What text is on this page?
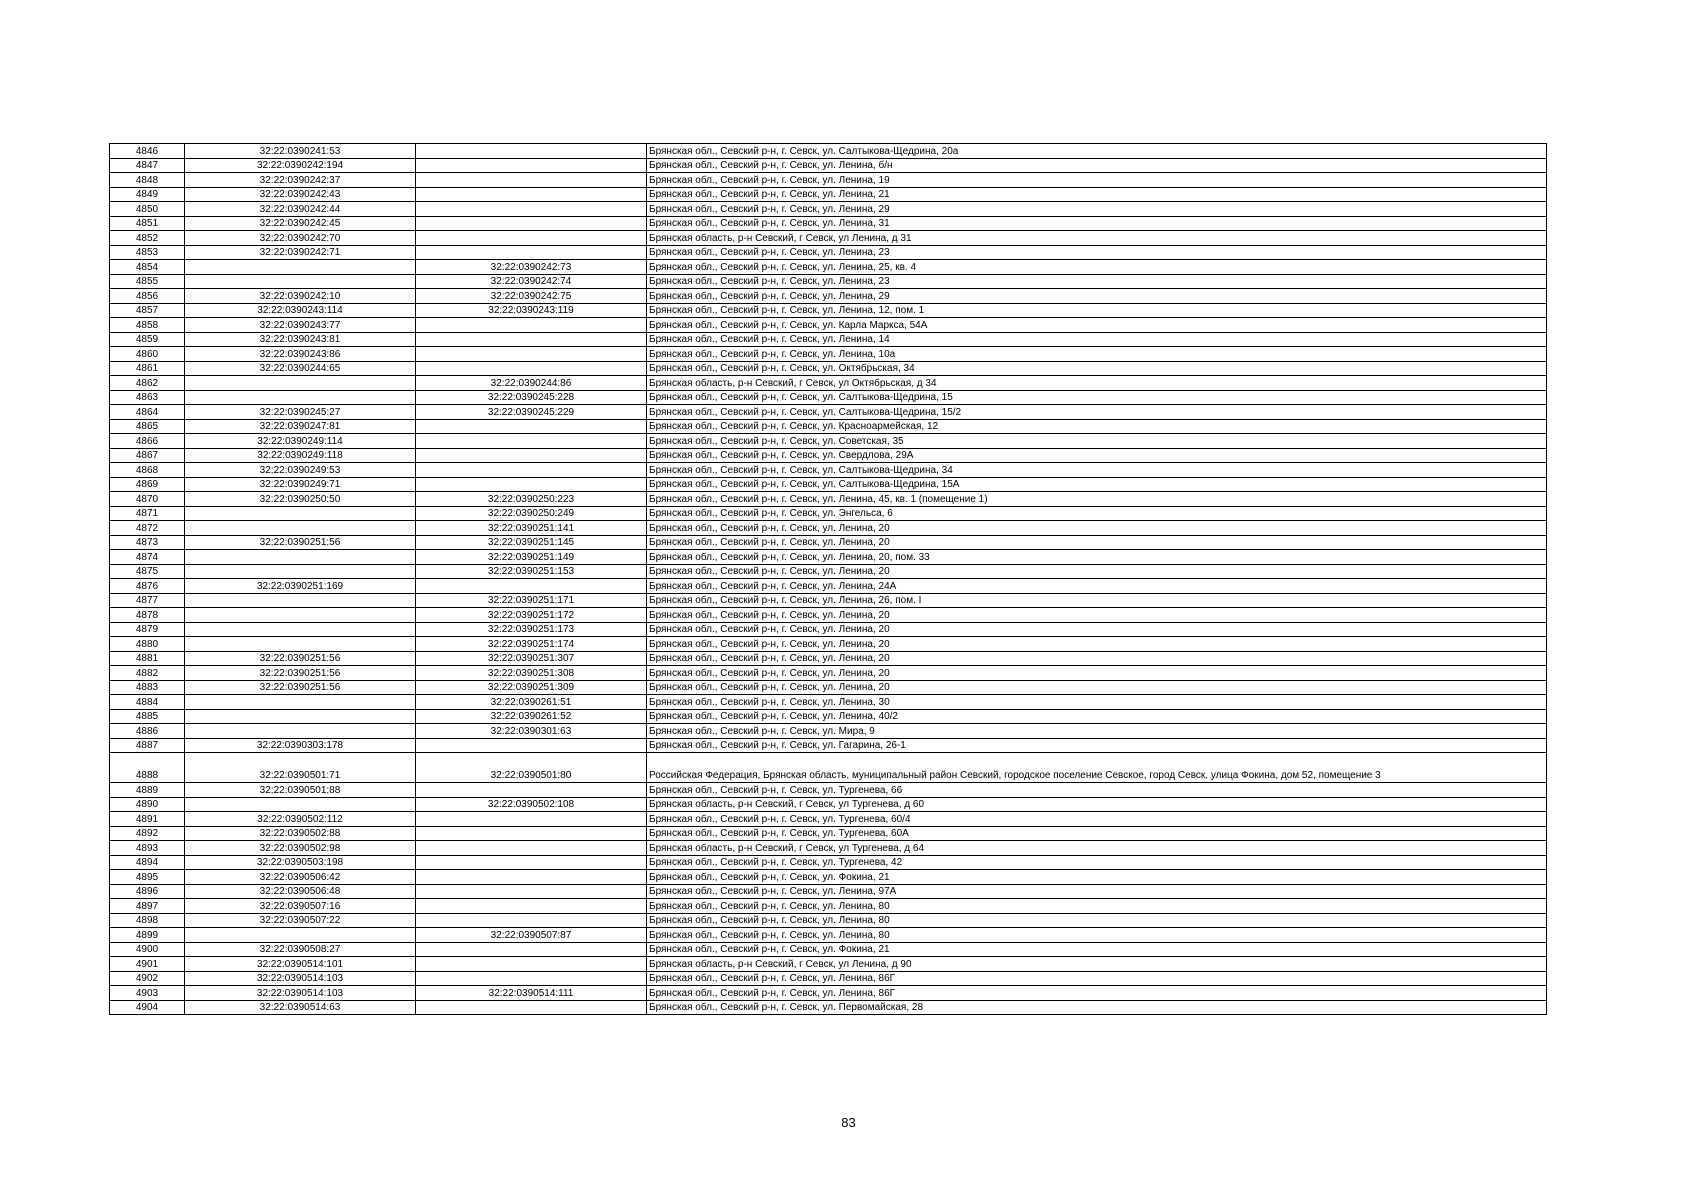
4846	32:22:0390241:53		Брянская обл., Севский р-н, г. Севск, ул. Салтыкова-Щедрина, 20а
4847	32:22:0390242:194		Брянская обл., Севский р-н, г. Севск, ул. Ленина, б/н
4848	32:22:0390242:37		Брянская обл., Севский р-н, г. Севск, ул. Ленина, 19
4849	32:22:0390242:43		Брянская обл., Севский р-н, г. Севск, ул. Ленина, 21
4850	32:22:0390242:44		Брянская обл., Севский р-н, г. Севск, ул. Ленина, 29
4851	32:22:0390242:45		Брянская обл., Севский р-н, г. Севск, ул. Ленина, 31
4852	32:22:0390242:70		Брянская область, р-н Севский, г Севск, ул Ленина, д 31
4853	32:22:0390242:71		Брянская обл., Севский р-н, г. Севск, ул. Ленина, 23
4854		32:22:0390242:73	Брянская обл., Севский р-н, г. Севск, ул. Ленина, 25, кв. 4
4855		32:22:0390242:74	Брянская обл., Севский р-н, г. Севск, ул. Ленина, 23
4856	32:22:0390242:10	32:22:0390242:75	Брянская обл., Севский р-н, г. Севск, ул. Ленина, 29
4857	32:22:0390243:114	32:22:0390243:119	Брянская обл., Севский р-н, г. Севск, ул. Ленина, 12, пом. 1
4858	32:22:0390243:77		Брянская обл., Севский р-н, г. Севск, ул. Карла Маркса, 54А
4859	32:22:0390243:81		Брянская обл., Севский р-н, г. Севск, ул. Ленина, 14
4860	32:22:0390243:86		Брянская обл., Севский р-н, г. Севск, ул. Ленина, 10а
4861	32:22:0390244:65		Брянская обл., Севский р-н, г. Севск, ул. Октябрьская, 34
4862		32:22:0390244:86	Брянская область, р-н Севский, г Севск, ул Октябрьская, д 34
4863		32:22:0390245:228	Брянская обл., Севский р-н, г. Севск, ул. Салтыкова-Щедрина, 15
4864	32:22:0390245:27	32:22:0390245:229	Брянская обл., Севский р-н, г. Севск, ул. Салтыкова-Щедрина, 15/2
4865	32:22:0390247:81		Брянская обл., Севский р-н, г. Севск, ул. Красноармейская, 12
4866	32:22:0390249:114		Брянская обл., Севский р-н, г. Севск, ул. Советская, 35
4867	32:22:0390249:118		Брянская обл., Севский р-н, г. Севск, ул. Свердлова, 29А
4868	32:22:0390249:53		Брянская обл., Севский р-н, г. Севск, ул. Салтыкова-Щедрина, 34
4869	32:22:0390249:71		Брянская обл., Севский р-н, г. Севск, ул. Салтыкова-Щедрина, 15А
4870	32:22:0390250:50	32:22:0390250:223	Брянская обл., Севский р-н, г. Севск, ул. Ленина, 45, кв. 1 (помещение 1)
4871		32:22:0390250:249	Брянская обл., Севский р-н, г. Севск, ул. Энгельса, 6
4872		32:22:0390251:141	Брянская обл., Севский р-н, г. Севск, ул. Ленина, 20
4873	32:22:0390251:56	32:22:0390251:145	Брянская обл., Севский р-н, г. Севск, ул. Ленина, 20
4874		32:22:0390251:149	Брянская обл., Севский р-н, г. Севск, ул. Ленина, 20, пом. 33
4875		32:22:0390251:153	Брянская обл., Севский р-н, г. Севск, ул. Ленина, 20
4876	32:22:0390251:169		Брянская обл., Севский р-н, г. Севск, ул. Ленина, 24А
4877		32:22:0390251:171	Брянская обл., Севский р-н, г. Севск, ул. Ленина, 26, пом. I
4878		32:22:0390251:172	Брянская обл., Севский р-н, г. Севск, ул. Ленина, 20
4879		32:22:0390251:173	Брянская обл., Севский р-н, г. Севск, ул. Ленина, 20
4880		32:22:0390251:174	Брянская обл., Севский р-н, г. Севск, ул. Ленина, 20
4881	32:22:0390251:56	32:22:0390251:307	Брянская обл., Севский р-н, г. Севск, ул. Ленина, 20
4882	32:22:0390251:56	32:22:0390251:308	Брянская обл., Севский р-н, г. Севск, ул. Ленина, 20
4883	32:22:0390251:56	32:22:0390251:309	Брянская обл., Севский р-н, г. Севск, ул. Ленина, 20
4884		32:22:0390261:51	Брянская обл., Севский р-н, г. Севск, ул. Ленина, 30
4885		32:22:0390261:52	Брянская обл., Севский р-н, г. Севск, ул. Ленина, 40/2
4886		32:22:0390301:63	Брянская обл., Севский р-н, г. Севск, ул. Мира, 9
4887	32:22:0390303:178		Брянская обл., Севский р-н, г. Севск, ул. Гагарина, 26-1
4888	32:22:0390501:71	32:22:0390501:80	Российская Федерация, Брянская область, муниципальный район Севский, городское поселение Севское, город Севск, улица Фокина, дом 52, помещение 3
4889	32:22:0390501:88		Брянская обл., Севский р-н, г. Севск, ул. Тургенева, 66
4890		32:22:0390502:108	Брянская область, р-н Севский, г Севск, ул Тургенева, д 60
4891	32:22:0390502:112		Брянская обл., Севский р-н, г. Севск, ул. Тургенева, 60/4
4892	32:22:0390502:88		Брянская обл., Севский р-н, г. Севск, ул. Тургенева, 60А
4893	32:22:0390502:98		Брянская область, р-н Севский, г Севск, ул Тургенева, д 64
4894	32:22:0390503:198		Брянская обл., Севский р-н, г. Севск, ул. Тургенева, 42
4895	32:22:0390506:42		Брянская обл., Севский р-н, г. Севск, ул. Фокина, 21
4896	32:22:0390506:48		Брянская обл., Севский р-н, г. Севск, ул. Ленина, 97А
4897	32:22:0390507:16		Брянская обл., Севский р-н, г. Севск, ул. Ленина, 80
4898	32:22:0390507:22		Брянская обл., Севский р-н, г. Севск, ул. Ленина, 80
4899		32:22:0390507:87	Брянская обл., Севский р-н, г. Севск, ул. Ленина, 80
4900	32:22:0390508:27		Брянская обл., Севский р-н, г. Севск, ул. Фокина, 21
4901	32:22:0390514:101		Брянская область, р-н Севский, г Севск, ул Ленина, д 90
4902	32:22:0390514:103		Брянская обл., Севский р-н, г. Севск, ул. Ленина, 86Г
4903	32:22:0390514:103	32:22:0390514:111	Брянская обл., Севский р-н, г. Севск, ул. Ленина, 86Г
4904	32:22:0390514:63		Брянская обл., Севский р-н, г. Севск, ул. Первомайская, 28
83
